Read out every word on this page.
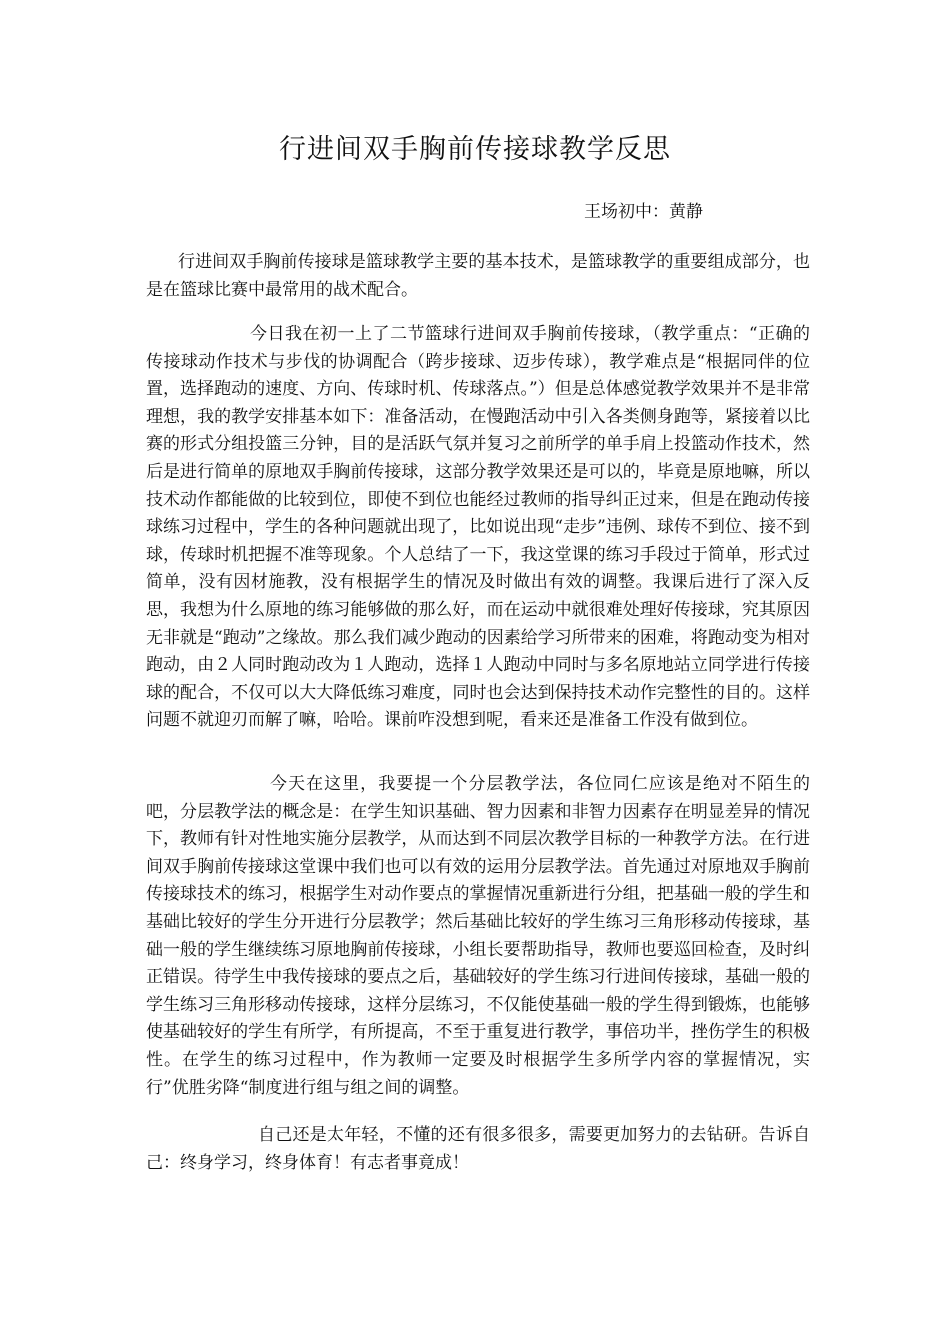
行进间双手胸前传接球教学反思
王场初中：黄静

行进间双手胸前传接球是篮球教学主要的基本技术，是篮球教学的重要组成部分，也是在篮球比赛中最常用的战术配合。

今日我在初一上了二节篮球行进间双手胸前传接球，（教学重点：“正确的传接球动作技术与步伐的协调配合（跨步接球、迈步传球），教学难点是“根据同伴的位置，选择跑动的速度、方向、传球时机、传球落点。”）但是总体感觉教学效果并不是非常理想，我的教学安排基本如下：准备活动，在慢跑活动中引入各类侧身跑等，紧接着以比赛的形式分组投篮三分钟，目的是活跃气氛并复习之前所学的单手肩上投篮动作技术，然后是进行简单的原地双手胸前传接球，这部分教学效果还是可以的，毕竟是原地嘛，所以技术动作都能做的比较到位，即使不到位也能经过教师的指导纠正过来，但是在跑动传接球练习过程中，学生的各种问题就出现了，比如说出现“走步”违例、球传不到位、接不到球，传球时机把握不准等现象。个人总结了一下，我这堂课的练习手段过于简单，形式过简单，没有因材施教，没有根据学生的情况及时做出有效的调整。我课后进行了深入反思，我想为什么原地的练习能够做的那么好，而在运动中就很难处理好传接球，究其原因无非就是“跑动”之缘故。那么我们减少跑动的因素给学习所带来的困难，将跑动变为相对跑动，由２人同时跑动改为１人跑动，选择１人跑动中同时与多名原地站立同学进行传接球的配合，不仅可以大大降低练习难度，同时也会达到保持技术动作完整性的目的。这样问题不就迎刃而解了嘛，哈哈。课前咋没想到呢，看来还是准备工作没有做到位。

今天在这里，我要提一个分层教学法，各位同仁应该是绝对不陌生的吧，分层教学法的概念是：在学生知识基础、智力因素和非智力因素存在明显差异的情况下，教师有针对性地实施分层教学，从而达到不同层次教学目标的一种教学方法。在行进间双手胸前传接球这堂课中我们也可以有效的运用分层教学法。首先通过对原地双手胸前传接球技术的练习，根据学生对动作要点的掌握情况重新进行分组，把基础一般的学生和基础比较好的学生分开进行分层教学；然后基础比较好的学生练习三角形移动传接球，基础一般的学生继续练习原地胸前传接球，小组长要帮助指导，教师也要巡回检查，及时纠正错误。待学生中我传接球的要点之后，基础较好的学生练习行进间传接球，基础一般的学生练习三角形移动传接球，这样分层练习，不仅能使基础一般的学生得到锻炼，也能够使基础较好的学生有所学，有所提高，不至于重复进行教学，事倍功半，挫伤学生的积极性。在学生的练习过程中，作为教师一定要及时根据学生多所学内容的掌握情况，实行”优胜劣降“制度进行组与组之间的调整。

自己还是太年轻，不懂的还有很多很多，需要更加努力的去钻研。告诉自己：终身学习，终身体育！有志者事竟成！
